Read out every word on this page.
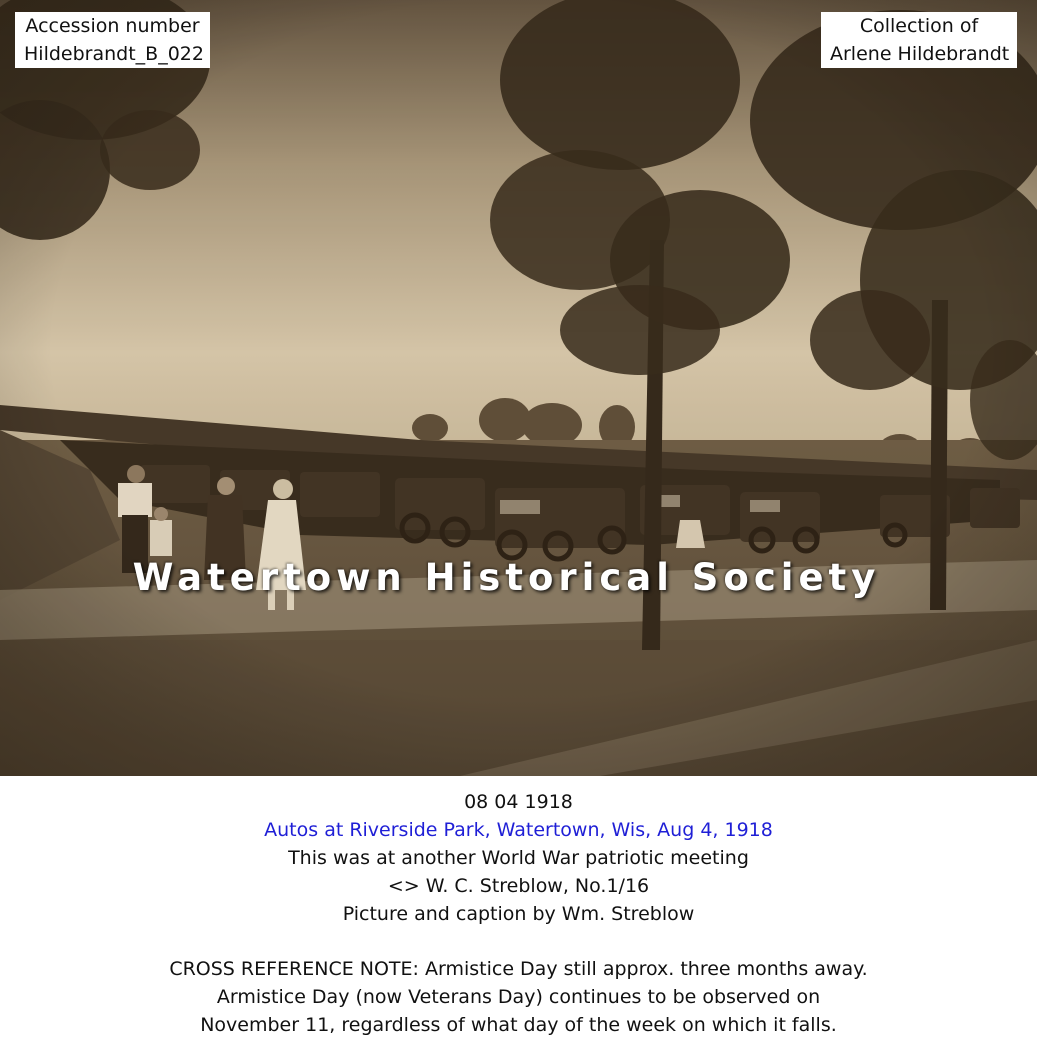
Accession number
Hildebrandt_B_022
Collection of
Arlene Hildebrandt
Watertown Historical Society
08 04 1918
Autos at Riverside Park, Watertown, Wis, Aug 4, 1918
This was at another World War patriotic meeting
<> W. C. Streblow, No.1/16
Picture and caption by Wm. Streblow
CROSS REFERENCE NOTE: Armistice Day still approx. three months away.
Armistice Day (now Veterans Day) continues to be observed on
November 11, regardless of what day of the week on which it falls.
